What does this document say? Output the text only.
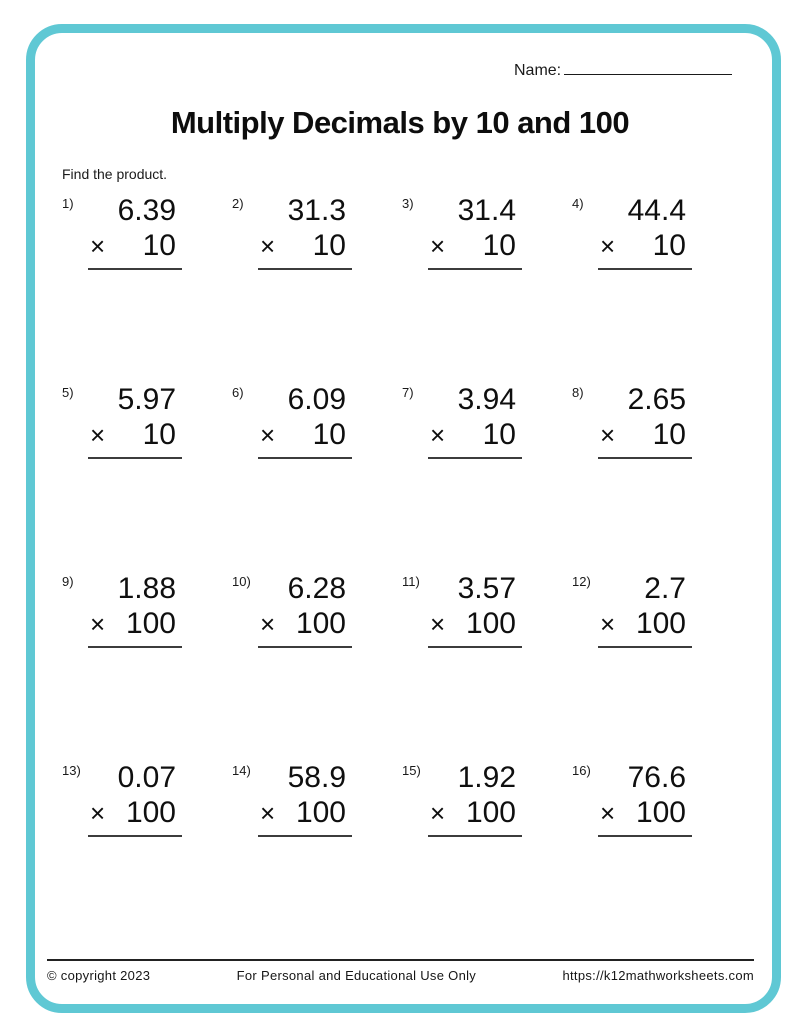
Name:
Multiply Decimals by 10 and 100
Find the product.
1)	6.39
× 10
2)	31.3
× 10
3)	31.4
× 10
4)	44.4
× 10
5)	5.97
× 10
6)	6.09
× 10
7)	3.94
× 10
8)	2.65
× 10
9)	1.88
× 100
10)	6.28
× 100
11)	3.57
× 100
12)	2.7
× 100
13)	0.07
× 100
14)	58.9
× 100
15)	1.92
× 100
16)	76.6
× 100
© copyright 2023	For Personal and Educational Use Only	https://k12mathworksheets.com
